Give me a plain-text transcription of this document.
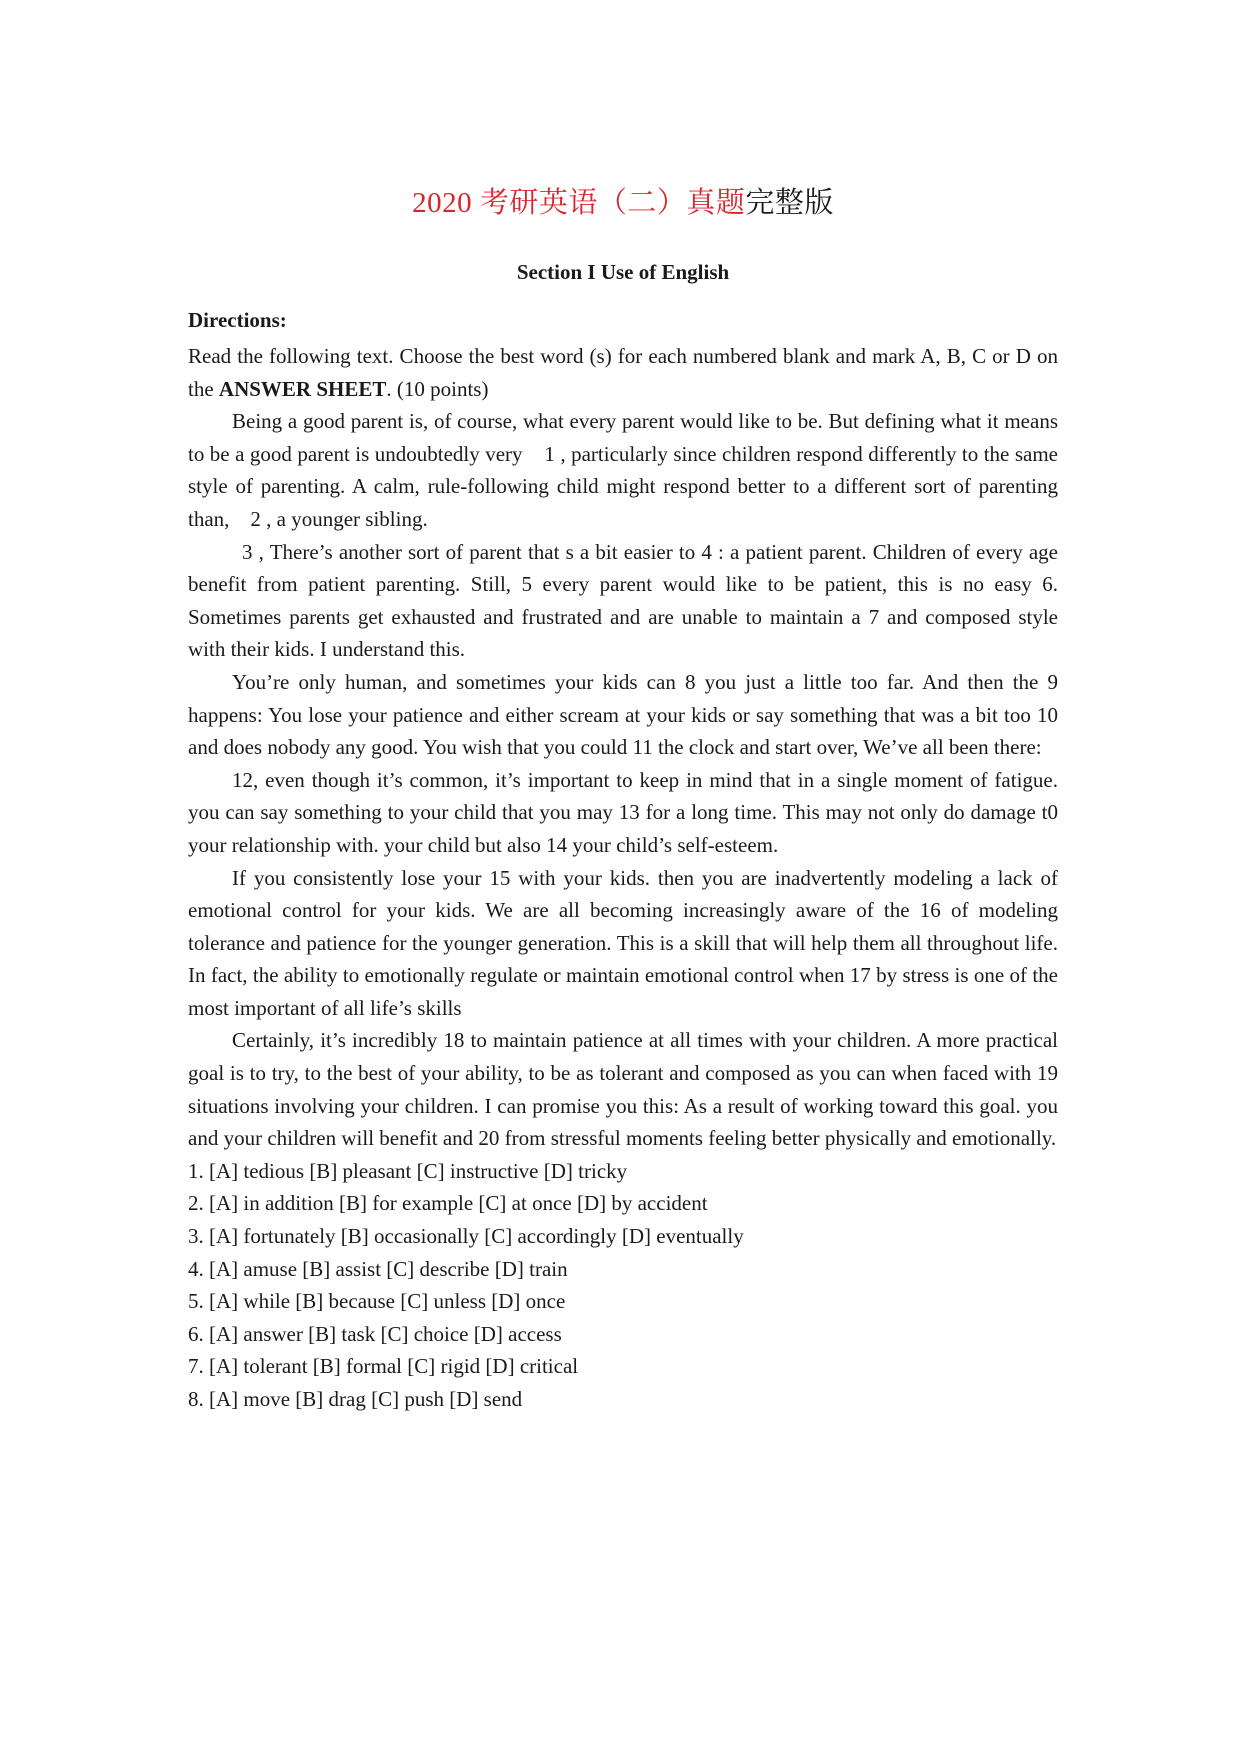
2020 考研英语（二）真题完整版
Section I Use of English
Directions:

Read the following text. Choose the best word (s) for each numbered blank and mark A, B, C or D on the ANSWER SHEET. (10 points)

Being a good parent is, of course, what every parent would like to be. But defining what it means to be a good parent is undoubtedly very    1 , particularly since children respond differently to the same style of parenting. A calm, rule-following child might respond better to a different sort of parenting than,    2 , a younger sibling.

3 , There’s another sort of parent that s a bit easier to 4 : a patient parent. Children of every age benefit from patient parenting. Still, 5 every parent would like to be patient, this is no easy 6. Sometimes parents get exhausted and frustrated and are unable to maintain a 7 and composed style with their kids. I understand this.

You’re only human, and sometimes your kids can 8 you just a little too far. And then the 9 happens: You lose your patience and either scream at your kids or say something that was a bit too 10 and does nobody any good. You wish that you could 11 the clock and start over, We’ve all been there:

12, even though it’s common, it’s important to keep in mind that in a single moment of fatigue. you can say something to your child that you may 13 for a long time. This may not only do damage t0 your relationship with. your child but also 14 your child’s self-esteem.

If you consistently lose your 15 with your kids. then you are inadvertently modeling a lack of emotional control for your kids. We are all becoming increasingly aware of the 16 of modeling tolerance and patience for the younger generation. This is a skill that will help them all throughout life. In fact, the ability to emotionally regulate or maintain emotional control when 17 by stress is one of the most important of all life’s skills

Certainly, it’s incredibly 18 to maintain patience at all times with your children. A more practical goal is to try, to the best of your ability, to be as tolerant and composed as you can when faced with 19 situations involving your children. I can promise you this: As a result of working toward this goal. you and your children will benefit and 20 from stressful moments feeling better physically and emotionally.

1. [A] tedious [B] pleasant [C] instructive [D] tricky
2. [A] in addition [B] for example [C] at once [D] by accident
3. [A] fortunately [B] occasionally [C] accordingly [D] eventually
4. [A] amuse [B] assist [C] describe [D] train
5. [A] while [B] because [C] unless [D] once
6. [A] answer [B] task [C] choice [D] access
7. [A] tolerant [B] formal [C] rigid [D] critical
8. [A] move [B] drag [C] push [D] send
